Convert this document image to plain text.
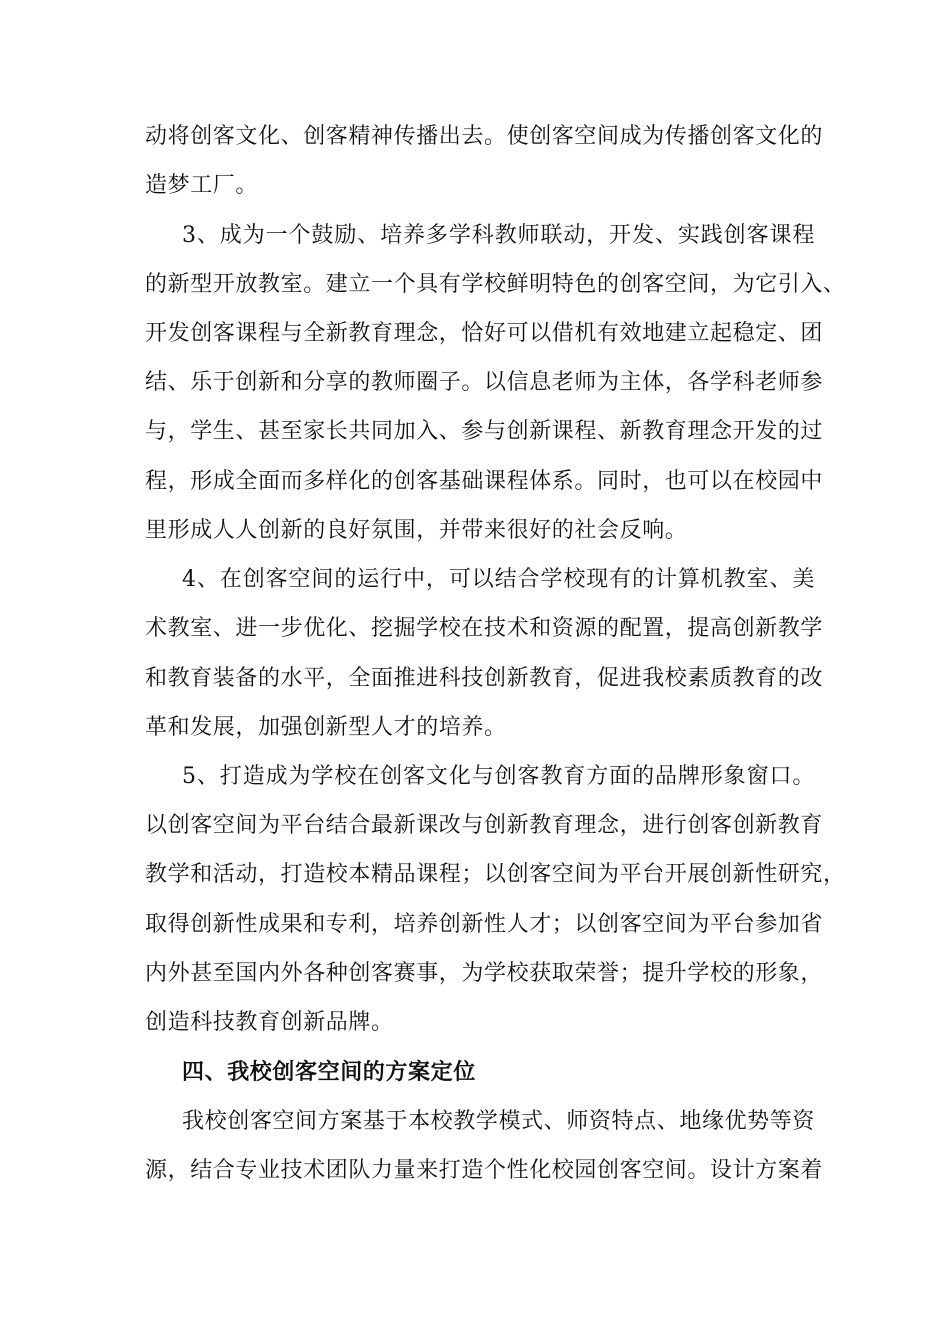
动将创客文化、创客精神传播出去。使创客空间成为传播创客文化的
造梦工厂。
3、成为一个鼓励、培养多学科教师联动，开发、实践创客课程
的新型开放教室。建立一个具有学校鲜明特色的创客空间，为它引入、
开发创客课程与全新教育理念，恰好可以借机有效地建立起稳定、团
结、乐于创新和分享的教师圈子。以信息老师为主体，各学科老师参
与，学生、甚至家长共同加入、参与创新课程、新教育理念开发的过
程，形成全面而多样化的创客基础课程体系。同时，也可以在校园中
里形成人人创新的良好氛围，并带来很好的社会反响。
4、在创客空间的运行中，可以结合学校现有的计算机教室、美
术教室、进一步优化、挖掘学校在技术和资源的配置，提高创新教学
和教育装备的水平，全面推进科技创新教育，促进我校素质教育的改
革和发展，加强创新型人才的培养。
5、打造成为学校在创客文化与创客教育方面的品牌形象窗口。
以创客空间为平台结合最新课改与创新教育理念，进行创客创新教育
教学和活动，打造校本精品课程；以创客空间为平台开展创新性研究，
取得创新性成果和专利，培养创新性人才；以创客空间为平台参加省
内外甚至国内外各种创客赛事，为学校获取荣誉；提升学校的形象，
创造科技教育创新品牌。
四、我校创客空间的方案定位
我校创客空间方案基于本校教学模式、师资特点、地缘优势等资
源，结合专业技术团队力量来打造个性化校园创客空间。设计方案着
